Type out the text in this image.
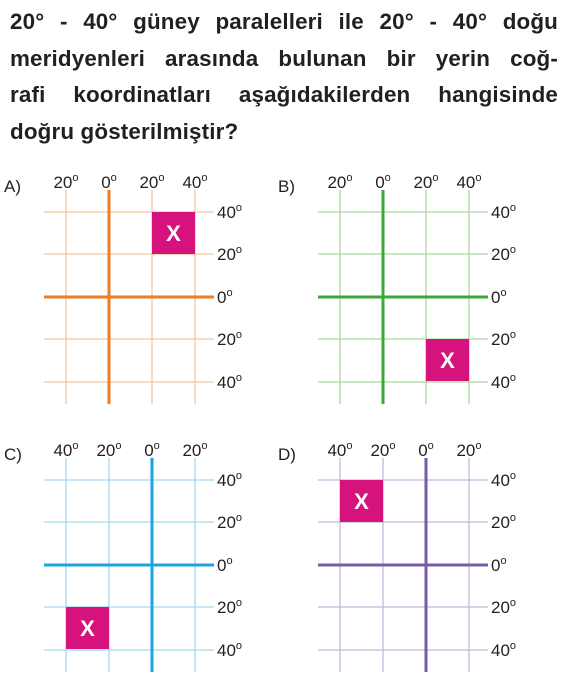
20° - 40° güney paralelleri ile 20° - 40° doğu
meridyenleri arasında bulunan bir yerin coğ-
rafi koordinatları aşağıdakilerden hangisinde
doğru gösterilmiştir?
A)
X
20$^o$ 0$^o$ 20$^o$ 40$^o$
40$^o$
20$^o$
0$^o$
20$^o$
40$^o$
B)
X
20$^o$ 0$^o$ 20$^o$ 40$^o$
40$^o$
20$^o$
0$^o$
20$^o$
40$^o$
C)
X
40$^o$ 20$^o$ 0$^o$ 20$^o$
40$^o$
20$^o$
0$^o$
20$^o$
40$^o$
D)
X
40$^o$ 20$^o$ 0$^o$ 20$^o$
40$^o$
20$^o$
0$^o$
20$^o$
40$^o$
